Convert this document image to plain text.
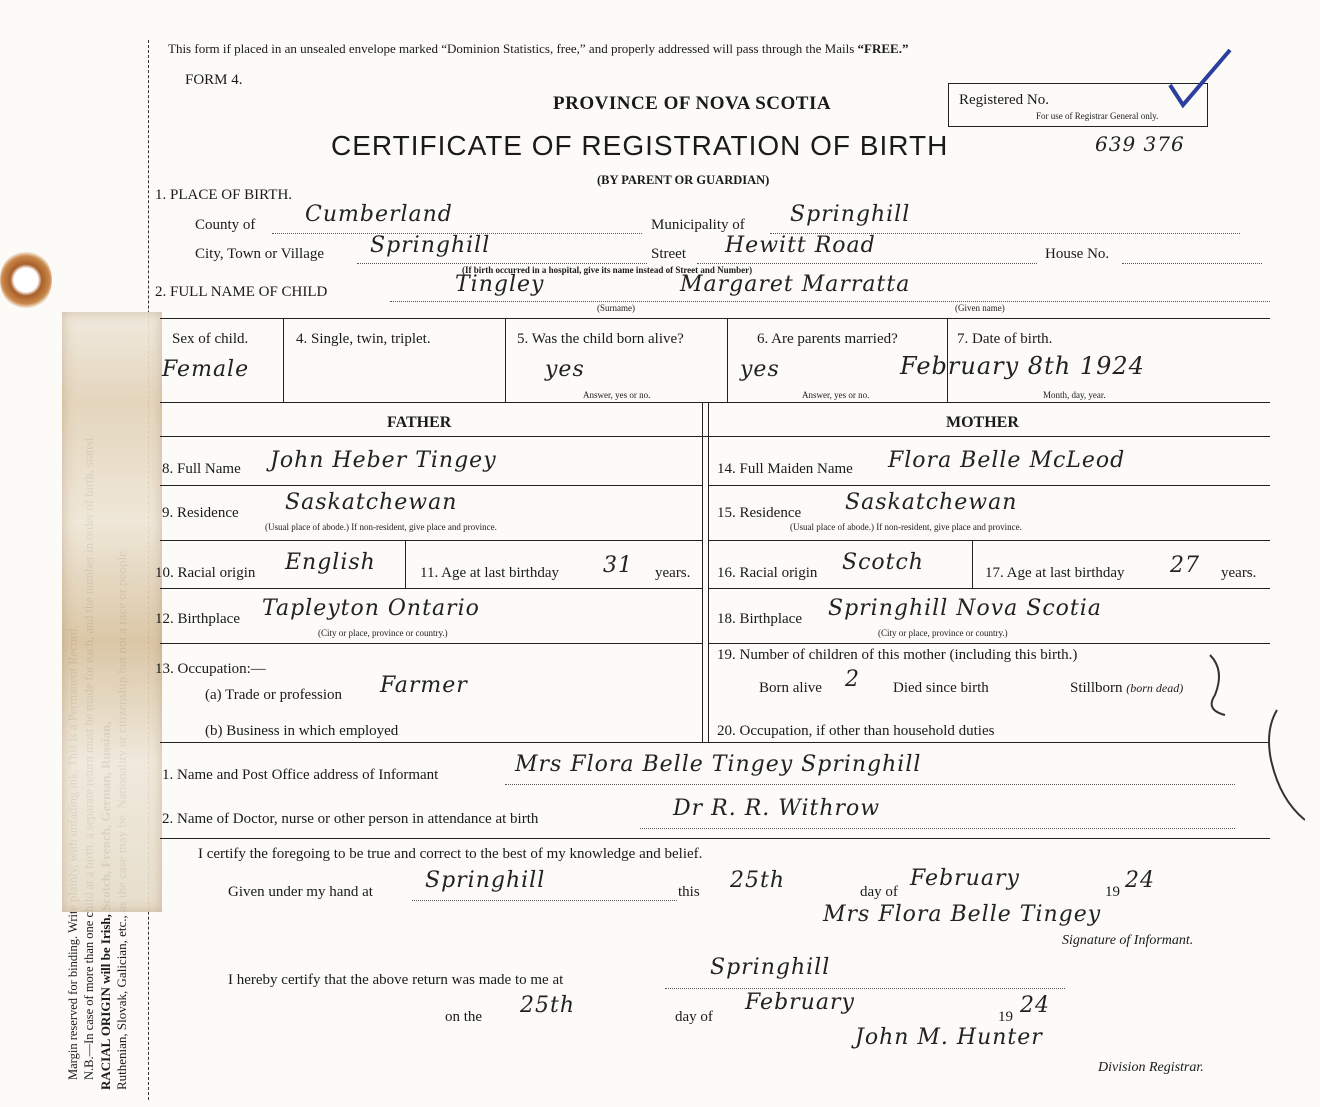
This form if placed in an unsealed envelope marked “Dominion Statistics, free,” and properly addressed will pass through the Mails “FREE.”
FORM 4.
PROVINCE OF NOVA SCOTIA
CERTIFICATE OF REGISTRATION OF BIRTH
(BY PARENT OR GUARDIAN)
Registered No.
For use of Registrar General only.
639 376
1. PLACE OF BIRTH.
County of Cumberland	Municipality of Springhill
City, Town or Village Springhill	Street Hewitt Road	House No.
(If birth occurred in a hospital, give its name instead of Street and Number)
2. FULL NAME OF CHILD	Tingley
(Surname)
Margaret Marratta
(Given name)
Sex of child.
Female
4. Single, twin, triplet.	5. Was the child born alive?
yes
Answer, yes or no.
6. Are parents married?
yes
Answer, yes or no.
7. Date of birth.
February 8th 1924
Month, day, year.
FATHER	MOTHER
8. Full Name John Heber Tingey
9. Residence Saskatchewan
(Usual place of abode.) If non-resident, give place and province.
10. Racial origin English	11. Age at last birthday 31 years.
12. Birthplace Tapleyton Ontario
(City or place, province or country.)
13. Occupation:—
(a) Trade or profession Farmer
(b) Business in which employed
14. Full Maiden Name Flora Belle McLeod
15. Residence Saskatchewan
(Usual place of abode.) If non-resident, give place and province.
16. Racial origin Scotch	17. Age at last birthday 27 years.
18. Birthplace Springhill Nova Scotia
(City or place, province or country.)
19. Number of children of this mother (including this birth.)
Born alive 2 Died since birth	Stillborn (born dead)
20. Occupation, if other than household duties
1. Name and Post Office address of Informant	Mrs Flora Belle Tingey Springhill
2. Name of Doctor, nurse or other person in attendance at birth	Dr R. R. Withrow
I certify the foregoing to be true and correct to the best of my knowledge and belief.
Given under my hand at Springhill	this 25th	day of
February
19 24
Mrs Flora Belle Tingey
Signature of Informant.
I hereby certify that the above return was made to me at	Springhill
on the 25th	day of
February
19 24
John M. Hunter
Division Registrar.
